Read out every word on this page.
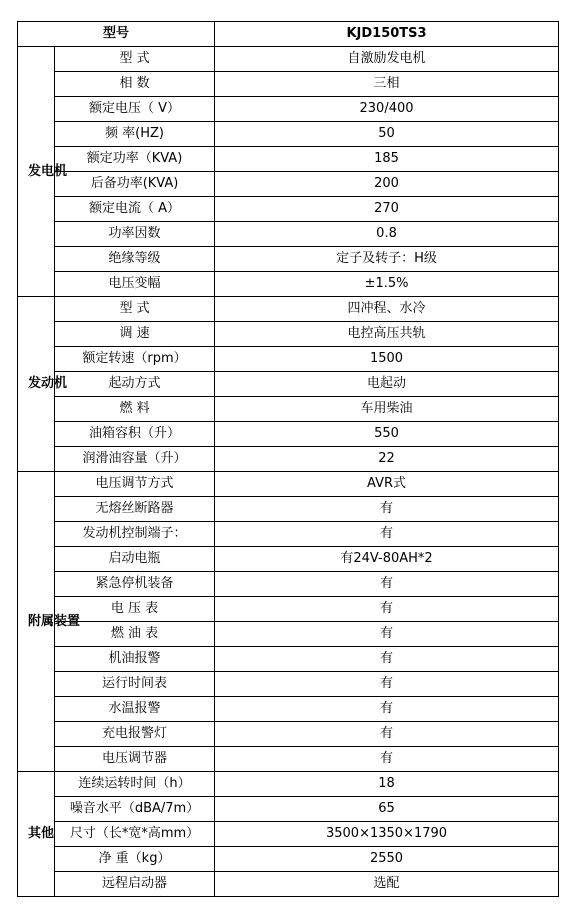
型号		KJD150TS3
发电机	型 式	自激励发电机
	相 数	三相
	额定电压（ V）	230/400
	频 率(HZ)	50
	额定功率（KVA)	185
	后备功率(KVA)	200
	额定电流（ A）	270
	功率因数	0.8
	绝缘等级	定子及转子：H级
	电压变幅	±1.5%
发动机	型 式	四冲程、水冷
	调 速	电控高压共轨
	额定转速（rpm）	1500
	起动方式	电起动
	燃 料	车用柴油
	油箱容积（升）	550
	润滑油容量（升）	22
附属装置	电压调节方式	AVR式
	无熔丝断路器	有
	发动机控制端子：	有
	启动电瓶	有24V-80AH*2
	紧急停机装备	有
	电 压 表	有
	燃 油 表	有
	机油报警	有
	运行时间表	有
	水温报警	有
	充电报警灯	有
	电压调节器	有
其他	连续运转时间（h）	18
	噪音水平（dBA/7m）	65
	尺寸（长*宽*高mm）	3500×1350×1790
	净 重（kg）	2550
	远程启动器	选配
